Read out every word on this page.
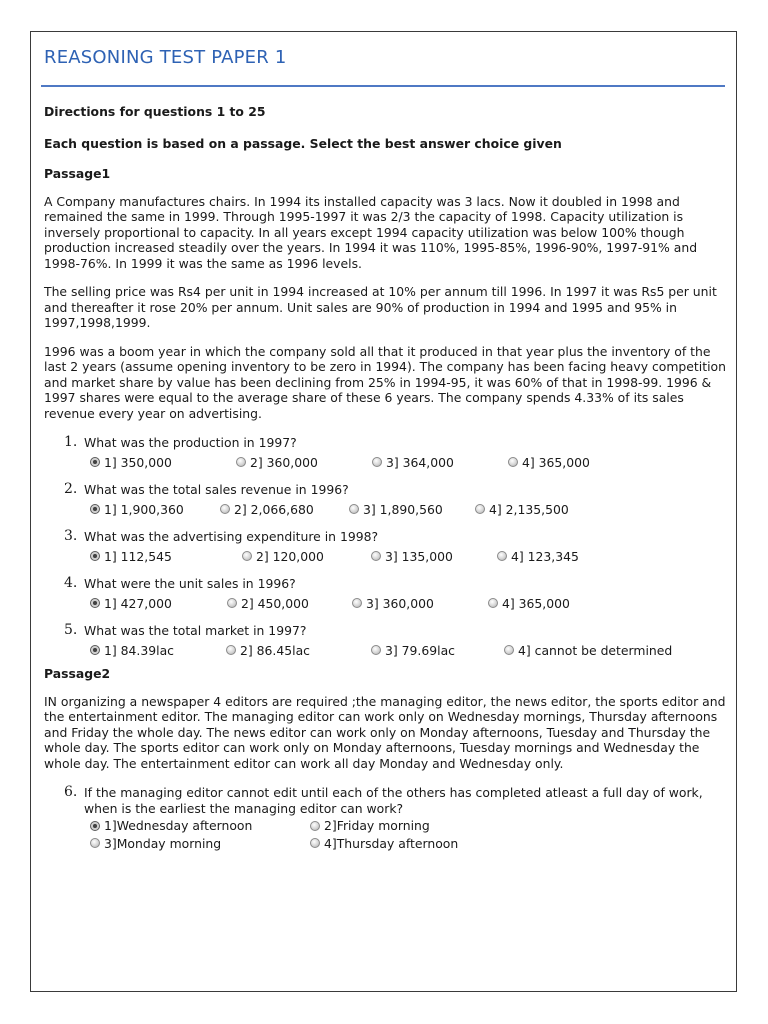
REASONING TEST PAPER 1

Directions for questions 1 to 25

Each question is based on a passage. Select the best answer choice given

Passage1

A Company manufactures chairs. In 1994 its installed capacity was 3 lacs. Now it doubled in 1998 and remained the same in 1999. Through 1995-1997 it was 2/3 the capacity of 1998. Capacity utilization is inversely proportional to capacity. In all years except 1994 capacity utilization was below 100% though production increased steadily over the years. In 1994 it was 110%, 1995-85%, 1996-90%, 1997-91% and 1998-76%. In 1999 it was the same as 1996 levels.

The selling price was Rs4 per unit in 1994 increased at 10% per annum till 1996. In 1997 it was Rs5 per unit and thereafter it rose 20% per annum. Unit sales are 90% of production in 1994 and 1995 and 95% in 1997,1998,1999.

1996 was a boom year in which the company sold all that it produced in that year plus the inventory of the last 2 years (assume opening inventory to be zero in 1994). The company has been facing heavy competition and market share by value has been declining from 25% in 1994-95, it was 60% of that in 1998-99. 1996 & 1997 shares were equal to the average share of these 6 years. The company spends 4.33% of its sales revenue every year on advertising.

1. What was the production in 1997?
1] 350,000	2] 360,000	3] 364,000	4] 365,000
2. What was the total sales revenue in 1996?
1] 1,900,360	2] 2,066,680	3] 1,890,560	4] 2,135,500
3. What was the advertising expenditure in 1998?
1] 112,545	2] 120,000	3] 135,000	4] 123,345
4. What were the unit sales in 1996?
1] 427,000	2] 450,000	3] 360,000	4] 365,000
5. What was the total market in 1997?
1] 84.39lac	2] 86.45lac	3] 79.69lac	4] cannot be determined

Passage2

IN organizing a newspaper 4 editors are required ;the managing editor, the news editor, the sports editor and the entertainment editor. The managing editor can work only on Wednesday mornings, Thursday afternoons and Friday the whole day. The news editor can work only on Monday afternoons, Tuesday and Thursday the whole day. The sports editor can work only on Monday afternoons, Tuesday mornings and Wednesday the whole day. The entertainment editor can work all day Monday and Wednesday only.

6. If the managing editor cannot edit until each of the others has completed atleast a full day of work, when is the earliest the managing editor can work?
1]Wednesday afternoon	2]Friday morning
3]Monday morning	4]Thursday afternoon
